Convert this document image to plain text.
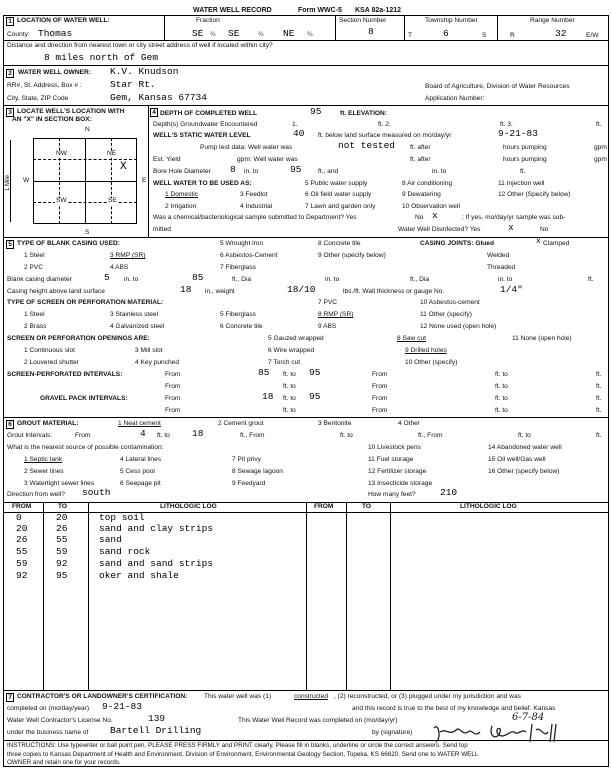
WATER WELL RECORD	Form WWC-5 KSA 82a-1212
1 LOCATION OF WATER WELL:
County: Thomas
Fraction
SE ¼ SE	¼ NE ¼
Section Number
8
Township Number
T	6	S
Range Number
R	32	E/W
Distance and direction from nearest town or city street address of well if located within city?
8 miles north of Gem
2 WATER WELL OWNER: K.V. Knudson
RR#, St. Address, Box # :	Star Rt.	Board of Agriculture, Division of Water Resources
City, State, ZIP Code	Gem, Kansas 67734	Application Number:
3 LOCATE WELL'S LOCATION WITH
AN "X" IN SECTION BOX:
N
S
W	E
1 Mile
NW	NE
SW	SE
X
4 DEPTH OF COMPLETED WELL	95	ft. ELEVATION:
Depth(s) Groundwater Encountered	1.	ft. 2.	ft. 3.	ft.
WELL'S STATIC WATER LEVEL	40 ft. below land surface measured on mo/day/yr	9-21-83
Pump test data: Well water was	not tested ft. after	hours pumping	gpm
Est. Yield	gpm: Well water was	ft. after	hours pumping	gpm
Bore Hole Diameter 8 in. to	95	ft., and	in. to	ft.
WELL WATER TO BE USED AS:
1 Domestic	3 Feedlot
5 Public water supply	8 Air conditioning	11 Injection well
2 Irrigation	4 Industrial
6 Oil field water supply	9 Dewatering	12 Other (Specify below)
7 Lawn and garden only	10 Observation well
Was a chemical/bacteriological sample submitted to Department? Yes	No x	; If yes, mo/day/yr sample was sub-
mitted	Water Well Disinfected? Yes	x	No
5 TYPE OF BLANK CASING USED:
1 Steel
2 PVC
3 RMP (SR)
4 ABS
5 Wrought iron
6 Asbestos-Cement
7 Fiberglass
8 Concrete tile
9 Other (specify below)
CASING JOINTS: Glued	x Clamped
Welded
Threaded
Blank casing diameter	5 in. to	85	ft., Dia	in. to	ft., Dia	in. to	ft.
Casing height above land surface	18 in., weight	18/10	lbs./ft. Wall thickness or gauge No.	1/4"
TYPE OF SCREEN OR PERFORATION MATERIAL:
1 Steel
2 Brass
3 Stainless steel
4 Galvanized steel
5 Fiberglass
6 Concrete tile
7 PVC
8 RMP (SR)
9 ABS
10 Asbestos-cement
11 Other (specify)
12 None used (open hole)
SCREEN OR PERFORATION OPENINGS ARE:
1 Continuous slot
2 Louvered shutter
3 Mill slot
4 Key punched
5 Gauzed wrapped
6 Wire wrapped
7 Torch cut
8 Saw cut
9 Drilled holes
10 Other (specify)
11 None (open hole)
SCREEN-PERFORATED INTERVALS:	From	85 ft. to 95	From	ft. to	ft.
From	ft. to	From	ft. to	ft.
GRAVEL PACK INTERVALS:	From	18 ft. to 95	From	ft. to	ft.
From	ft. to	From	ft. to	ft.
6 GROUT MATERIAL:	1 Neat cement	2 Cement grout	3 Bentonite	4 Other
Grout Intervals:	From	4 ft. to 18	ft., From	ft. to	ft., From	ft. to	ft.
What is the nearest source of possible contamination:
1 Septic tank
2 Sewer lines
3 Watertight sewer lines
4 Lateral lines
5 Cess pool
6 Seepage pit
7 Pit privy
8 Sewage lagoon
9 Feedyard
10 Livestock pens
11 Fuel storage
12 Fertilizer storage
13 Insecticide storage
14 Abandoned water well
15 Oil well/Gas well
16 Other (specify below)
Direction from well? south	How many feet?	210
FROM	TO	LITHOLOGIC LOG	FROM	TO	LITHOLOGIC LOG
0	20	top soil
20	26	sand and clay strips
26	55	sand
55	59	sand rock
59	92	sand and sand strips
92	95	oker and shale
7 CONTRACTOR'S OR LANDOWNER'S CERTIFICATION:	This water well was (1)	constructed , (2) reconstructed, or (3) plugged under my jurisdiction and was
completed on (mo/day/year) 9-21-83	and this record is true to the best of my knowledge and belief. Kansas
Water Well Contractor's License No.	139	This Water Well Record was completed on (mo/day/yr)	6-7-84
under the business name of Bartell Drilling	by (signature)
INSTRUCTIONS: Use typewriter or ball point pen, PLEASE PRESS FIRMLY and PRINT clearly. Please fill in blanks, underline or circle the correct answers. Send top
three copies to Kansas Department of Health and Environment, Division of Environment, Environmental Geology Section, Topeka, KS 66620. Send one to WATER WELL
OWNER and retain one for your records.
